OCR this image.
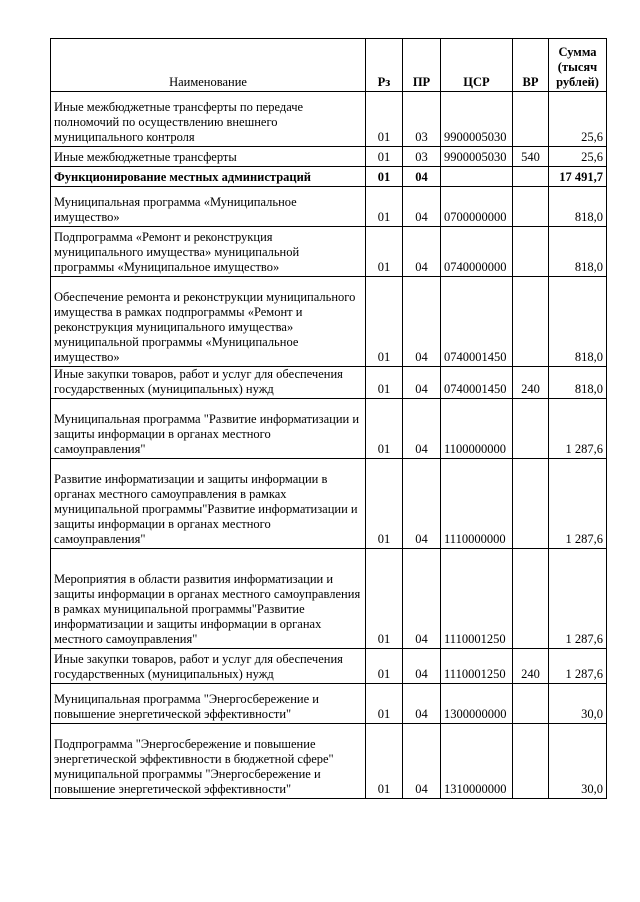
Наименование	Рз	ПР	ЦСР	ВР	Сумма (тысяч рублей)
Иные межбюджетные трансферты по передаче полномочий по осуществлению внешнего муниципального контроля	01	03	9900005030		25,6
Иные межбюджетные трансферты	01	03	9900005030	540	25,6
Функционирование местных администраций	01	04			17 491,7
Муниципальная программа «Муниципальное имущество»	01	04	0700000000		818,0
Подпрограмма «Ремонт и реконструкция муниципального имущества» муниципальной программы «Муниципальное имущество»	01	04	0740000000		818,0
Обеспечение ремонта и реконструкции муниципального имущества в рамках подпрограммы «Ремонт и реконструкция муниципального имущества» муниципальной программы «Муниципальное имущество»	01	04	0740001450		818,0
Иные закупки товаров, работ и услуг для обеспечения государственных (муниципальных) нужд	01	04	0740001450	240	818,0
Муниципальная программа "Развитие информатизации и защиты информации в органах местного самоуправления"	01	04	1100000000		1 287,6
Развитие информатизации и защиты информации в органах местного самоуправления в рамках муниципальной программы"Развитие информатизации и защиты информации в органах местного самоуправления"	01	04	1110000000		1 287,6
Мероприятия в области развития информатизации и защиты информации в органах местного самоуправления в рамках муниципальной программы"Развитие информатизации и защиты информации в органах местного самоуправления"	01	04	1110001250		1 287,6
Иные закупки товаров, работ и услуг для обеспечения государственных (муниципальных) нужд	01	04	1110001250	240	1 287,6
Муниципальная программа "Энергосбережение и повышение энергетической эффективности"	01	04	1300000000		30,0
Подпрограмма "Энергосбережение и повышение энергетической эффективности в бюджетной сфере" муниципальной программы "Энергосбережение и повышение энергетической эффективности"	01	04	1310000000		30,0
